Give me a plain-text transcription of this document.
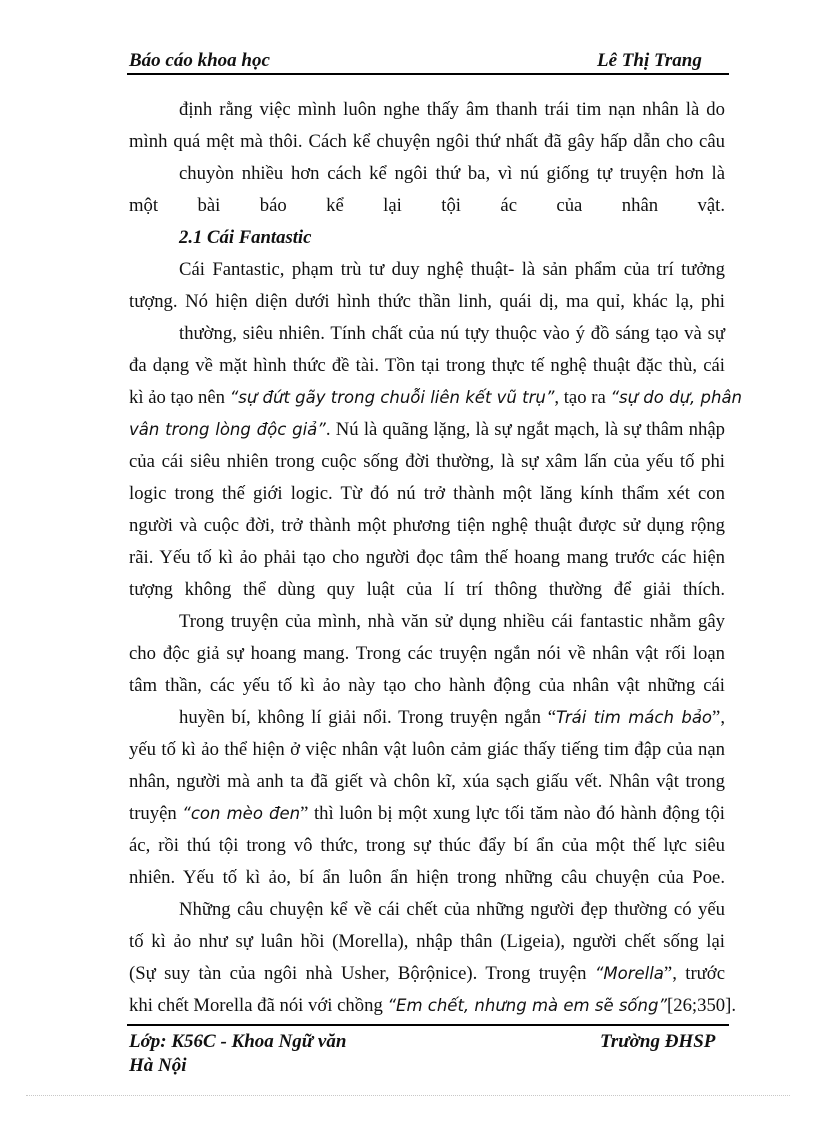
Báo cáo khoa học	Lê Thị Trang
định rằng việc mình luôn nghe thấy âm thanh trái tim nạn nhân là do
mình quá mệt mà thôi. Cách kể chuyện ngôi thứ nhất đã gây hấp dẫn cho câu
chuyòn nhiều hơn cách kể ngôi thứ ba, vì nú giống tự truyện hơn là
một bài báo kể lại tội ác của nhân vật.
2.1 Cái Fantastic
Cái Fantastic, phạm trù tư duy nghệ thuật- là sản phẩm của trí tưởng
tượng. Nó hiện diện dưới hình thức thần linh, quái dị, ma quỉ, khác lạ, phi
thường, siêu nhiên. Tính chất của nú tựy thuộc vào ý đồ sáng tạo và sự
đa dạng về mặt hình thức đề tài. Tồn tại trong thực tế nghệ thuật đặc thù, cái
kì ảo tạo nên “sự đứt gãy trong chuỗi liên kết vũ trụ”, tạo ra “sự do dự, phân
vân trong lòng độc giả”. Nú là quãng lặng, là sự ngắt mạch, là sự thâm nhập
của cái siêu nhiên trong cuộc sống đời thường, là sự xâm lấn của yếu tố phi
logic trong thế giới logic. Từ đó nú trở thành một lăng kính thẩm xét con
người và cuộc đời, trở thành một phương tiện nghệ thuật được sử dụng rộng
rãi. Yếu tố kì ảo phải tạo cho người đọc tâm thế hoang mang trước các hiện
tượng không thể dùng quy luật của lí trí thông thường để giải thích.
Trong truyện của mình, nhà văn sử dụng nhiều cái fantastic nhằm gây
cho độc giả sự hoang mang. Trong các truyện ngắn nói về nhân vật rối loạn
tâm thần, các yếu tố kì ảo này tạo cho hành động của nhân vật những cái
huyền bí, không lí giải nổi. Trong truyện ngắn “Trái tim mách bảo”,
yếu tố kì ảo thể hiện ở việc nhân vật luôn cảm giác thấy tiếng tim đập của nạn
nhân, người mà anh ta đã giết và chôn kĩ, xúa sạch giấu vết. Nhân vật trong
truyện “con mèo đen” thì luôn bị một xung lực tối tăm nào đó hành động tội
ác, rồi thú tội trong vô thức, trong sự thúc đẩy bí ẩn của một thế lực siêu
nhiên. Yếu tố kì ảo, bí ẩn luôn ẩn hiện trong những câu chuyện của Poe.
Những câu chuyện kể về cái chết của những người đẹp thường có yếu
tố kì ảo như sự luân hồi (Morella), nhập thân (Ligeia), người chết sống lại
(Sự suy tàn của ngôi nhà Usher, Bộrộnice). Trong truyện “Morella”, trước
khi chết Morella đã nói với chồng “Em chết, nhưng mà em sẽ sống”[26;350].
Lớp: K56C - Khoa Ngữ văn
Hà Nội
Trường ĐHSP
